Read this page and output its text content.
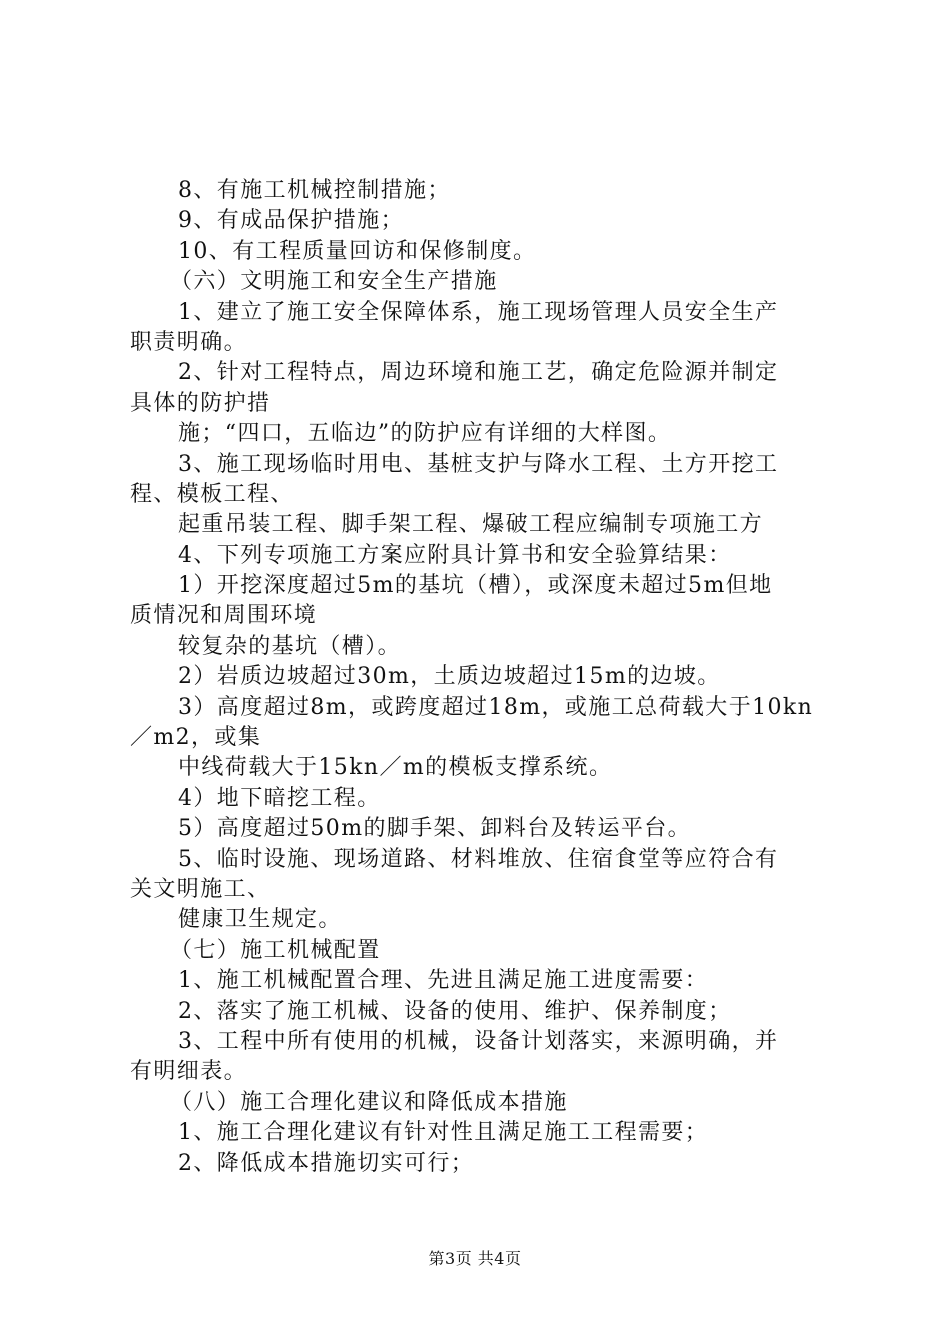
8、有施工机械控制措施；
9、有成品保护措施；
10、有工程质量回访和保修制度。
（六）文明施工和安全生产措施
1、建立了施工安全保障体系，施工现场管理人员安全生产
职责明确。
2、针对工程特点，周边环境和施工艺，确定危险源并制定
具体的防护措
施；“四口，五临边”的防护应有详细的大样图。
3、施工现场临时用电、基桩支护与降水工程、土方开挖工
程、模板工程、
起重吊装工程、脚手架工程、爆破工程应编制专项施工方
4、下列专项施工方案应附具计算书和安全验算结果：
1）开挖深度超过5m的基坑（槽），或深度未超过5m但地
质情况和周围环境
较复杂的基坑（槽）。
2）岩质边坡超过30m，土质边坡超过15m的边坡。
3）高度超过8m，或跨度超过18m，或施工总荷载大于10kn
／m2，或集
中线荷载大于15kn／m的模板支撑系统。
4）地下暗挖工程。
5）高度超过50m的脚手架、卸料台及转运平台。
5、临时设施、现场道路、材料堆放、住宿食堂等应符合有
关文明施工、
健康卫生规定。
（七）施工机械配置
1、施工机械配置合理、先进且满足施工进度需要：
2、落实了施工机械、设备的使用、维护、保养制度；
3、工程中所有使用的机械，设备计划落实，来源明确，并
有明细表。
（八）施工合理化建议和降低成本措施
1、施工合理化建议有针对性且满足施工工程需要；
2、降低成本措施切实可行；
第3页 共4页
